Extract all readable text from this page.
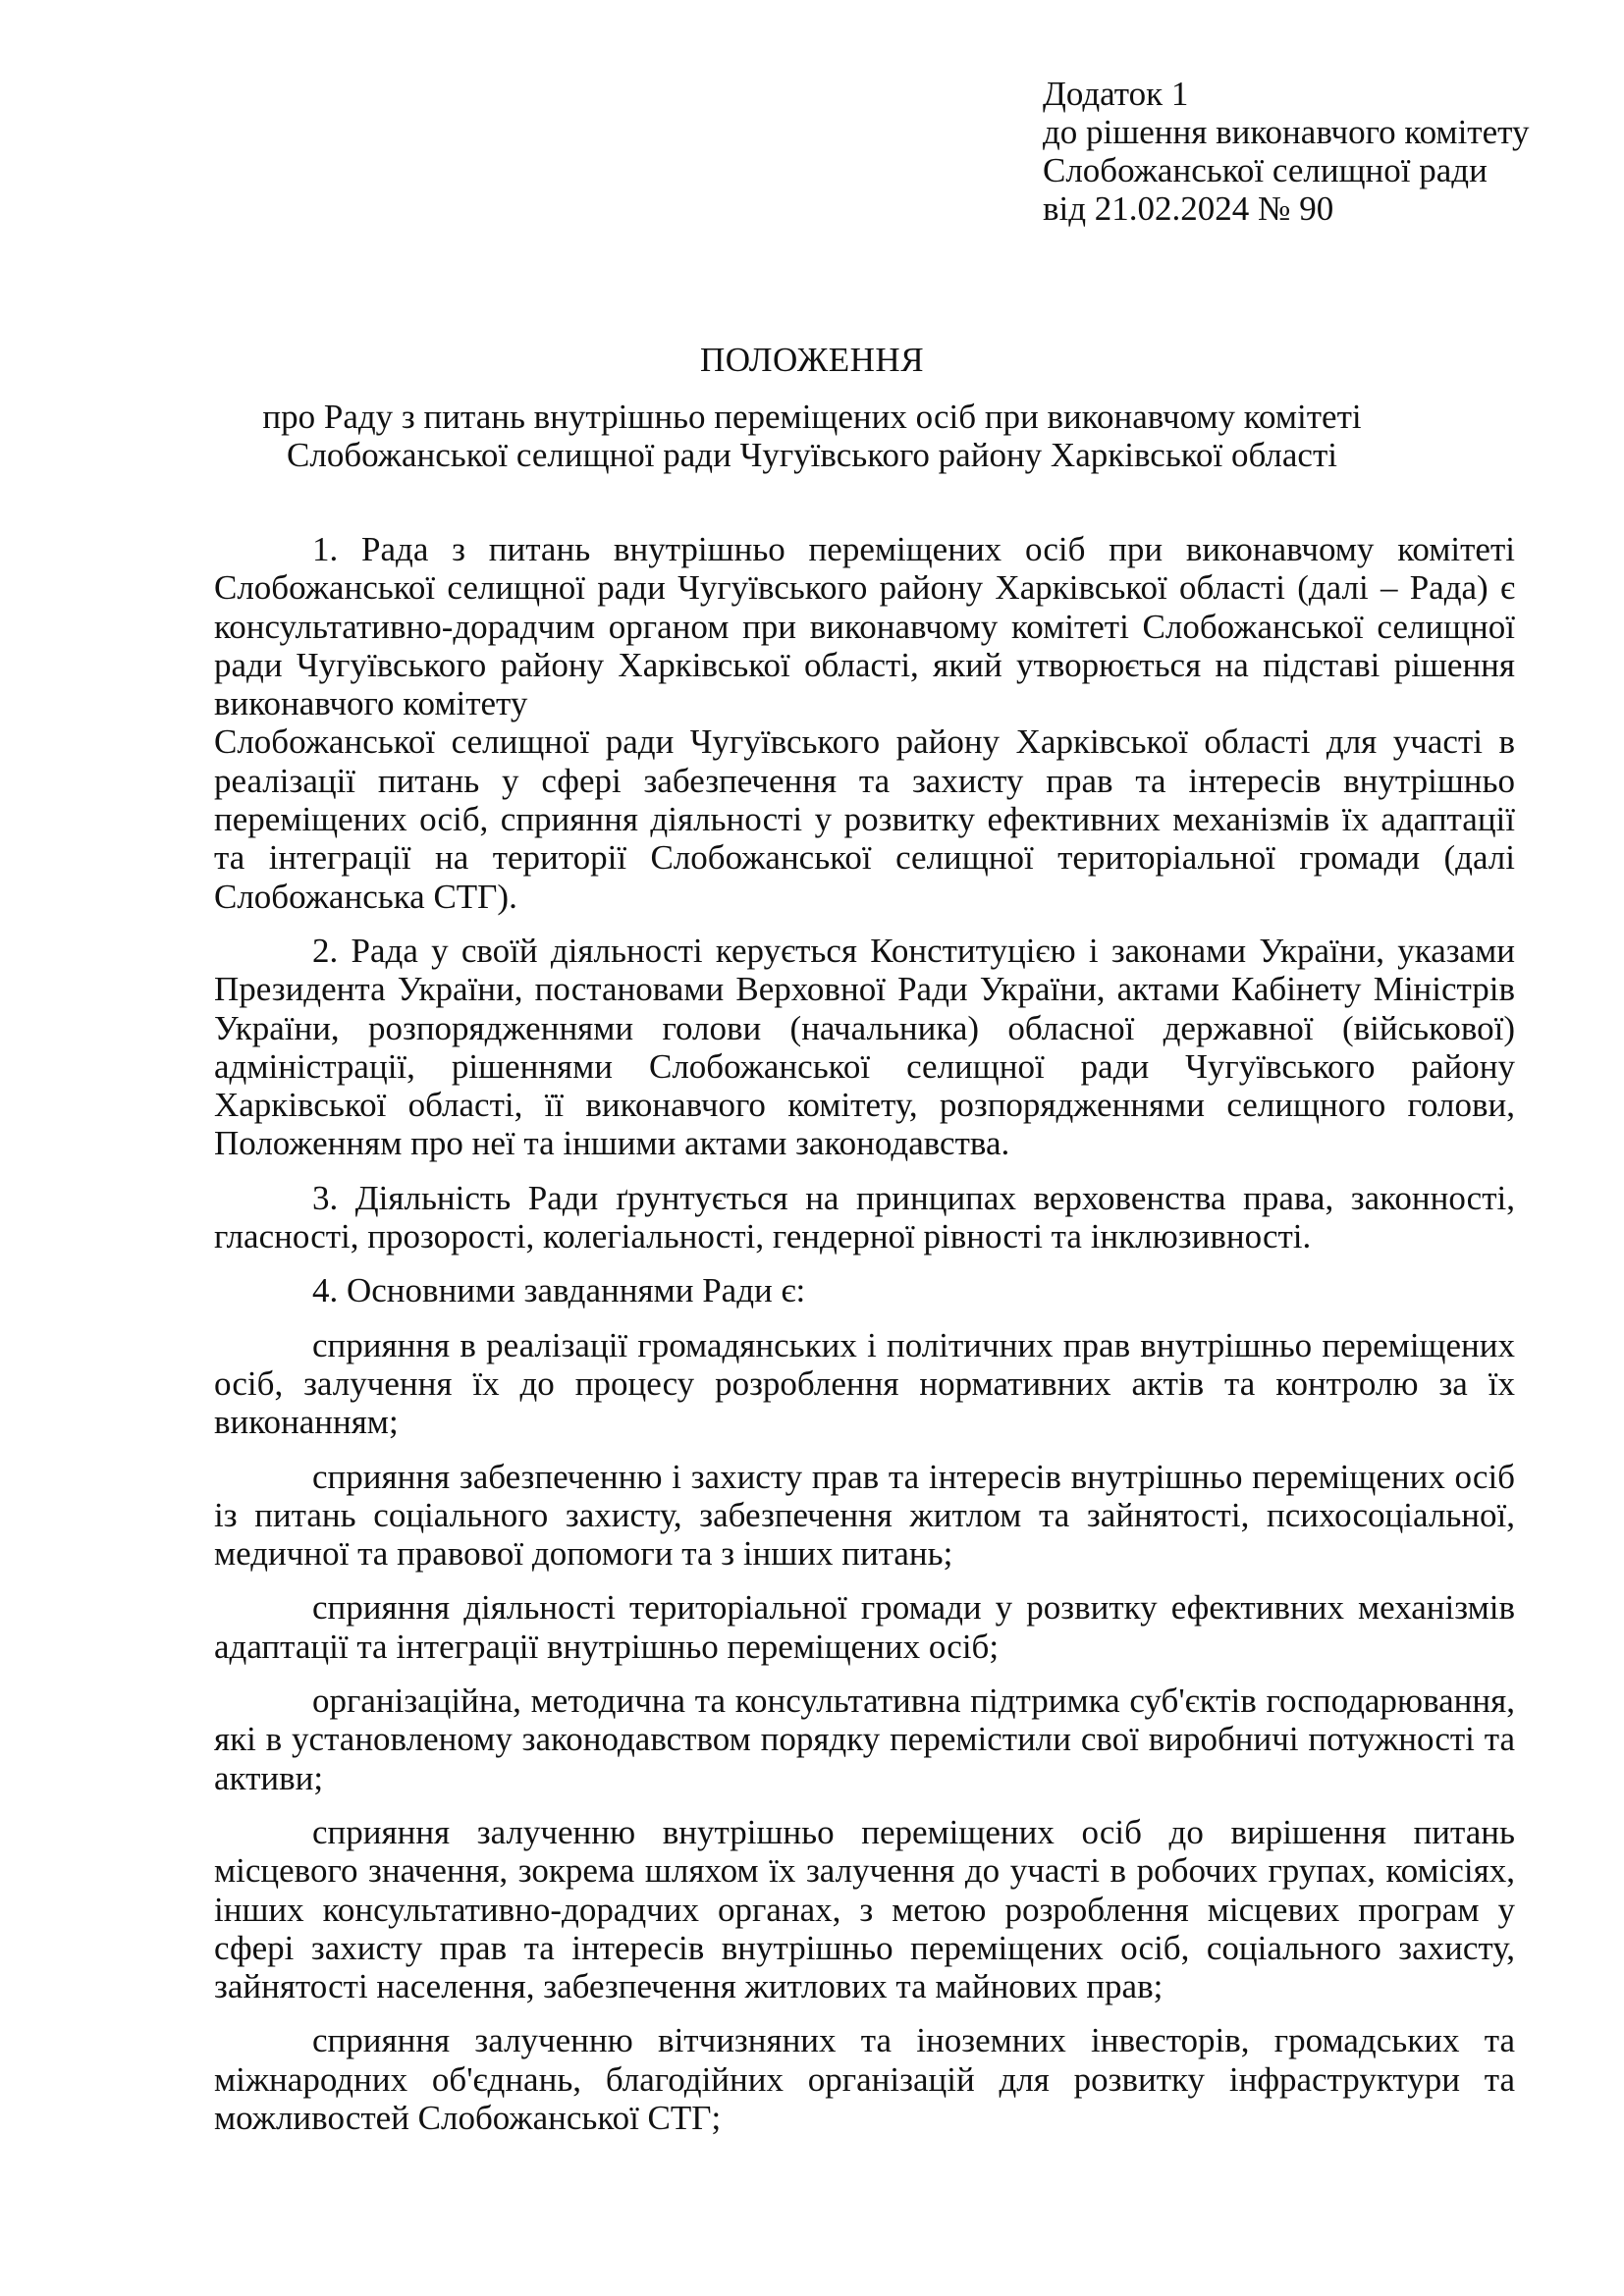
Додаток 1
до рішення виконавчого комітету
Слобожанської селищної ради
від 21.02.2024 № 90
ПОЛОЖЕННЯ
про Раду з питань внутрішньо переміщених осіб при виконавчому комітеті Слобожанської селищної ради Чугуївського району Харківської області

1. Рада з питань внутрішньо переміщених осіб при виконавчому комітеті Слобожанської селищної ради Чугуївського району Харківської області (далі – Рада) є консультативно-дорадчим органом при виконавчому комітеті Слобожанської селищної ради Чугуївського району Харківської області, який утворюється на підставі рішення виконавчого комітету

Слобожанської селищної ради Чугуївського району Харківської області для участі в реалізації питань у сфері забезпечення та захисту прав та інтересів внутрішньо переміщених осіб, сприяння діяльності у розвитку ефективних механізмів їх адаптації та інтеграції на території Слобожанської селищної територіальної громади (далі Слобожанська СТГ).

2. Рада у своїй діяльності керується Конституцією і законами України, указами Президента України, постановами Верховної Ради України, актами Кабінету Міністрів України, розпорядженнями голови (начальника) обласної державної (військової) адміністрації, рішеннями Слобожанської селищної ради Чугуївського району Харківської області, її виконавчого комітету, розпорядженнями селищного голови, Положенням про неї та іншими актами законодавства.

3. Діяльність Ради ґрунтується на принципах верховенства права, законності, гласності, прозорості, колегіальності, гендерної рівності та інклюзивності.

4. Основними завданнями Ради є:

сприяння в реалізації громадянських і політичних прав внутрішньо переміщених осіб, залучення їх до процесу розроблення нормативних актів та контролю за їх виконанням;

сприяння забезпеченню і захисту прав та інтересів внутрішньо переміщених осіб із питань соціального захисту, забезпечення житлом та зайнятості, психосоціальної, медичної та правової допомоги та з інших питань;

сприяння діяльності територіальної громади у розвитку ефективних механізмів адаптації та інтеграції внутрішньо переміщених осіб;

організаційна, методична та консультативна підтримка суб'єктів господарювання, які в установленому законодавством порядку перемістили свої виробничі потужності та активи;

сприяння залученню внутрішньо переміщених осіб до вирішення питань місцевого значення, зокрема шляхом їх залучення до участі в робочих групах, комісіях, інших консультативно-дорадчих органах, з метою розроблення місцевих програм у сфері захисту прав та інтересів внутрішньо переміщених осіб, соціального захисту, зайнятості населення, забезпечення житлових та майнових прав;

сприяння залученню вітчизняних та іноземних інвесторів, громадських та міжнародних об'єднань, благодійних організацій для розвитку інфраструктури та можливостей Слобожанської СТГ;
